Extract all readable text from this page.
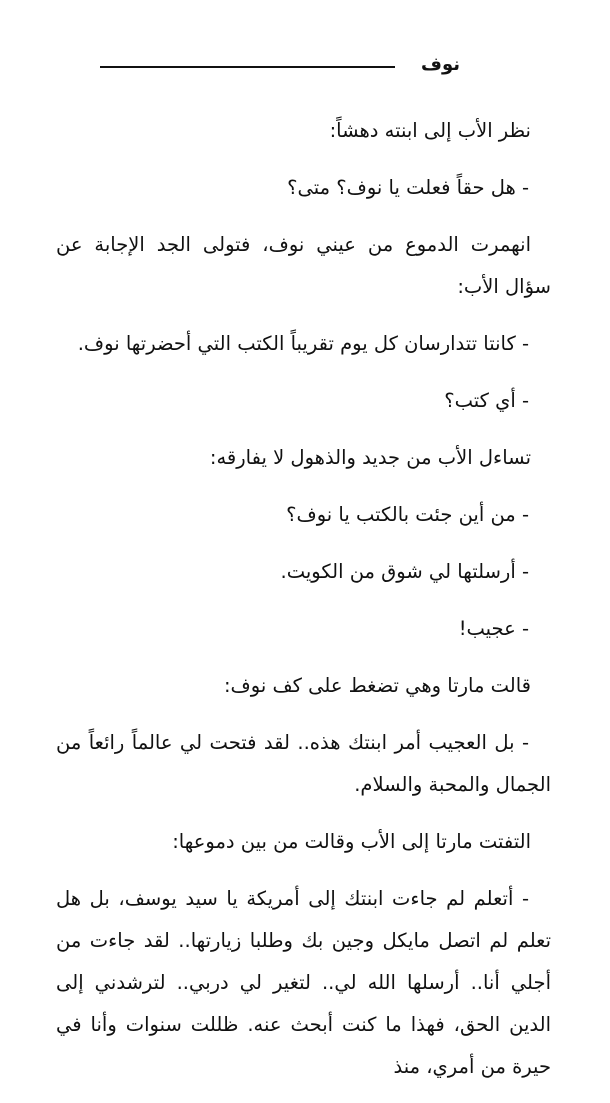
نوف

نظر الأب إلى ابنته دهشاً:

- هل حقاً فعلت يا نوف؟ متى؟

انهمرت الدموع من عيني نوف، فتولى الجد الإجابة عن سؤال الأب:

- كانتا تتدارسان كل يوم تقريباً الكتب التي أحضرتها نوف.

- أي كتب؟

تساءل الأب من جديد والذهول لا يفارقه:

- من أين جئت بالكتب يا نوف؟

- أرسلتها لي شوق من الكويت.

- عجيب!

قالت مارتا وهي تضغط على كف نوف:

- بل العجيب أمر ابنتك هذه.. لقد فتحت لي عالماً رائعاً من الجمال والمحبة والسلام.

التفتت مارتا إلى الأب وقالت من بين دموعها:

- أتعلم لم جاءت ابنتك إلى أمريكة يا سيد يوسف، بل هل تعلم لم اتصل مايكل وجين بك وطلبا زيارتها.. لقد جاءت من أجلي أنا.. أرسلها الله لي.. لتغير لي دربي.. لترشدني إلى الدين الحق، فهذا ما كنت أبحث عنه. ظللت سنوات وأنا في حيرة من أمري، منذ
